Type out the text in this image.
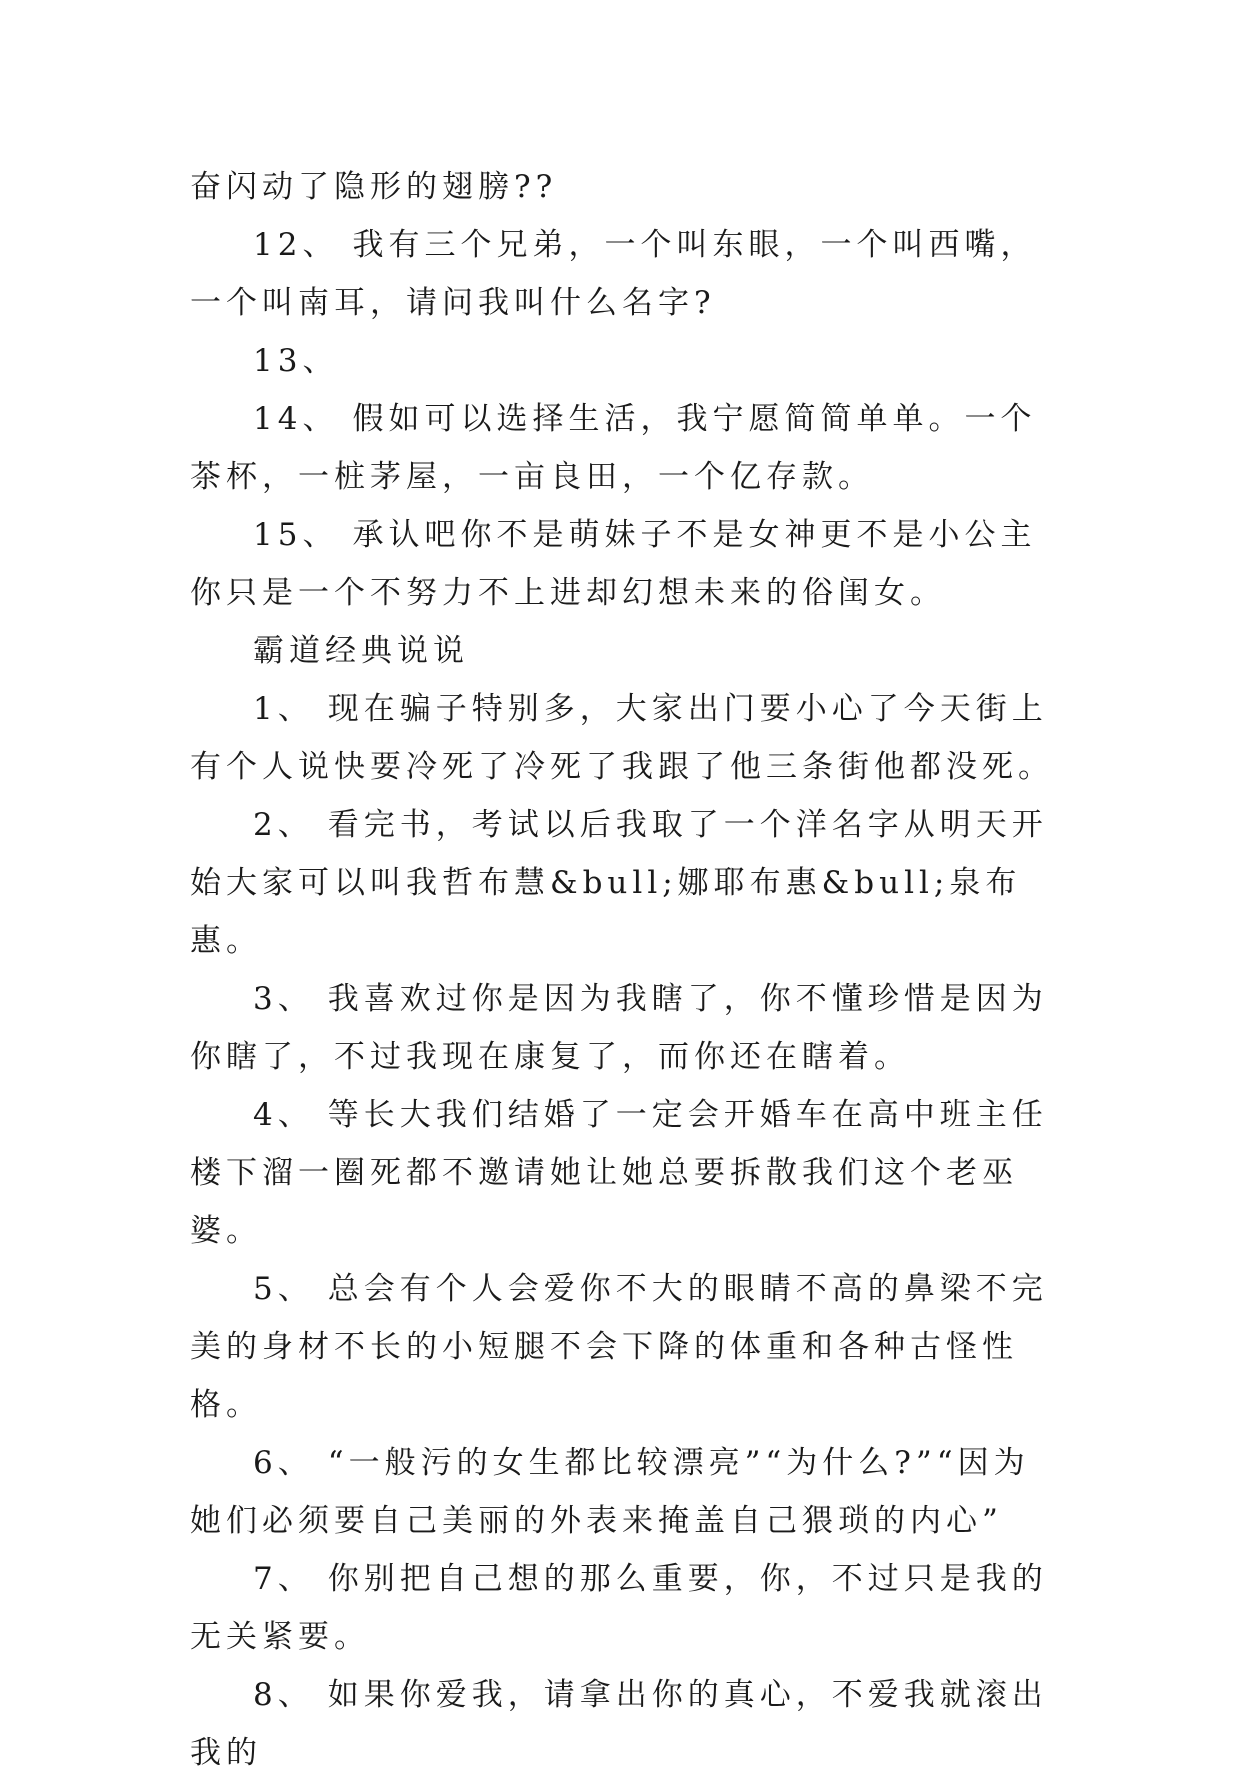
奋闪动了隐形的翅膀??

12、 我有三个兄弟，一个叫东眼，一个叫西嘴，一个叫南耳，请问我叫什么名字?

13、

14、 假如可以选择生活，我宁愿简简单单。一个茶杯，一桩茅屋，一亩良田，一个亿存款。

15、 承认吧你不是萌妹子不是女神更不是小公主你只是一个不努力不上进却幻想未来的俗闺女。

霸道经典说说

1、 现在骗子特别多，大家出门要小心了今天街上有个人说快要冷死了冷死了我跟了他三条街他都没死。

2、 看完书，考试以后我取了一个洋名字从明天开始大家可以叫我哲布慧&bull;娜耶布惠&bull;泉布惠。

3、 我喜欢过你是因为我瞎了，你不懂珍惜是因为你瞎了，不过我现在康复了，而你还在瞎着。

4、 等长大我们结婚了一定会开婚车在高中班主任楼下溜一圈死都不邀请她让她总要拆散我们这个老巫婆。

5、 总会有个人会爱你不大的眼睛不高的鼻梁不完美的身材不长的小短腿不会下降的体重和各种古怪性格。

6、 “一般污的女生都比较漂亮”“为什么?”“因为她们必须要自己美丽的外表来掩盖自己猥琐的内心”

7、 你别把自己想的那么重要，你，不过只是我的无关紧要。

8、 如果你爱我，请拿出你的真心，不爱我就滚出我的
